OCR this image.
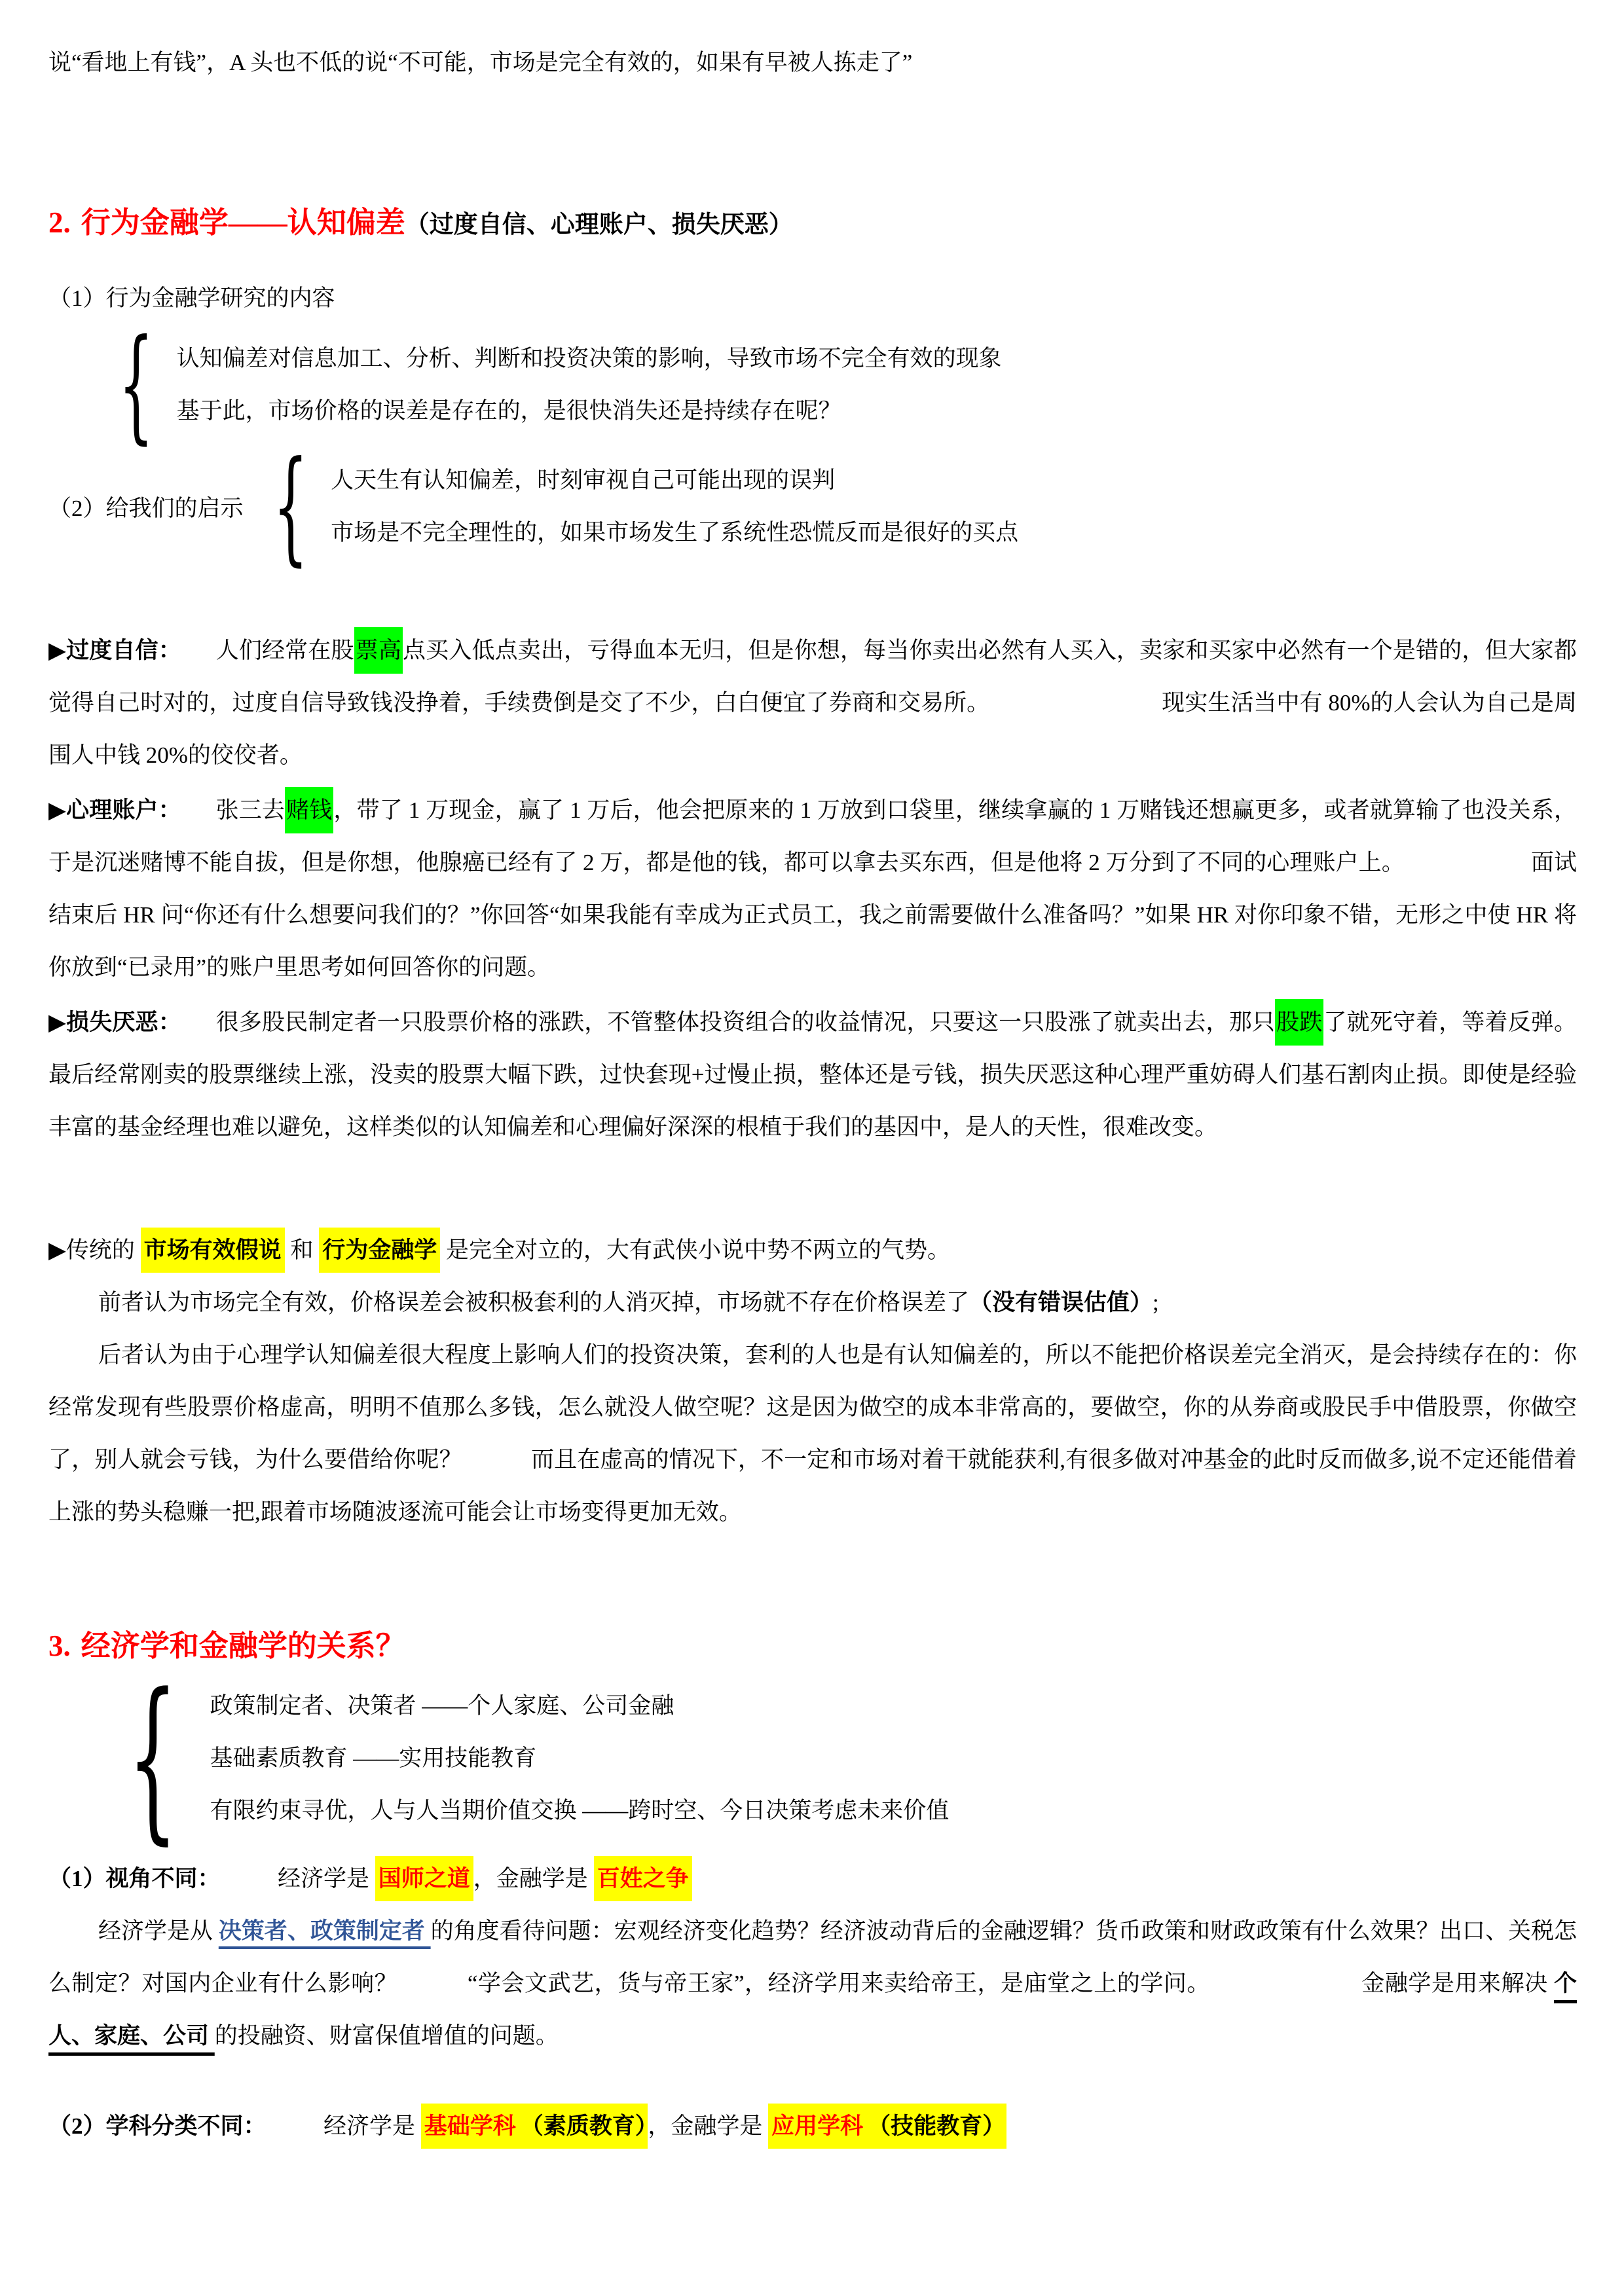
说“看地上有钱”，A 头也不低的说“不可能，市场是完全有效的，如果有早被人拣走了”

2. 行为金融学——认知偏差（过度自信、心理账户、损失厌恶）

（1）行为金融学研究的内容

{ 认知偏差对信息加工、分析、判断和投资决策的影响，导致市场不完全有效的现象
基于此，市场价格的误差是存在的，是很快消失还是持续存在呢？
（2）给我们的启示 { 人天生有认知偏差，时刻审视自己可能出现的误判
市场是不完全理性的，如果市场发生了系统性恐慌反而是很好的买点

▶过度自信：　　人们经常在股票高点买入低点卖出，亏得血本无归，但是你想，每当你卖出必然有人买入，卖家和买家中必然有一个是错的，但大家都觉得自己时对的，过度自信导致钱没挣着，手续费倒是交了不少，白白便宜了券商和交易所。　　　　　　　　现实生活当中有 80%的人会认为自己是周围人中钱 20%的佼佼者。

▶心理账户：　　张三去赌钱，带了 1 万现金，赢了 1 万后，他会把原来的 1 万放到口袋里，继续拿赢的 1 万赌钱还想赢更多，或者就算输了也没关系，于是沉迷赌博不能自拔，但是你想，他腺癌已经有了 2 万，都是他的钱，都可以拿去买东西，但是他将 2 万分到了不同的心理账户上。　　　　　　面试结束后 HR 问“你还有什么想要问我们的？”你回答“如果我能有幸成为正式员工，我之前需要做什么准备吗？”如果 HR 对你印象不错，无形之中使 HR 将你放到“已录用”的账户里思考如何回答你的问题。

▶损失厌恶：　　很多股民制定者一只股票价格的涨跌，不管整体投资组合的收益情况，只要这一只股涨了就卖出去，那只股跌了就死守着，等着反弹。最后经常刚卖的股票继续上涨，没卖的股票大幅下跌，过快套现+过慢止损，整体还是亏钱，损失厌恶这种心理严重妨碍人们基石割肉止损。即使是经验丰富的基金经理也难以避免，这样类似的认知偏差和心理偏好深深的根植于我们的基因中，是人的天性，很难改变。

▶传统的 市场有效假说 和 行为金融学 是完全对立的，大有武侠小说中势不两立的气势。

前者认为市场完全有效，价格误差会被积极套利的人消灭掉，市场就不存在价格误差了（没有错误估值）;

后者认为由于心理学认知偏差很大程度上影响人们的投资决策，套利的人也是有认知偏差的，所以不能把价格误差完全消灭，是会持续存在的：你经常发现有些股票价格虚高，明明不值那么多钱，怎么就没人做空呢？这是因为做空的成本非常高的，要做空，你的从券商或股民手中借股票，你做空了，别人就会亏钱，为什么要借给你呢？　　　而且在虚高的情况下，不一定和市场对着干就能获利,有很多做对冲基金的此时反而做多,说不定还能借着上涨的势头稳赚一把,跟着市场随波逐流可能会让市场变得更加无效。

3. 经济学和金融学的关系？
{ 政策制定者、决策者 ——个人家庭、公司金融
基础素质教育 ——实用技能教育
有限约束寻优，人与人当期价值交换 ——跨时空、今日决策考虑未来价值

（1）视角不同：　　　经济学是 国师之道 ，金融学是 百姓之争

经济学是从 决策者、政策制定者 的角度看待问题：宏观经济变化趋势？经济波动背后的金融逻辑？货币政策和财政政策有什么效果？出口、关税怎么制定？对国内企业有什么影响？　　　“学会文武艺，货与帝王家”，经济学用来卖给帝王，是庙堂之上的学问。　　　　　　　金融学是用来解决 个人、家庭、公司 的投融资、财富保值增值的问题。

（2）学科分类不同：　　　经济学是 基础学科 （素质教育），金融学是 应用学科 （技能教育）
